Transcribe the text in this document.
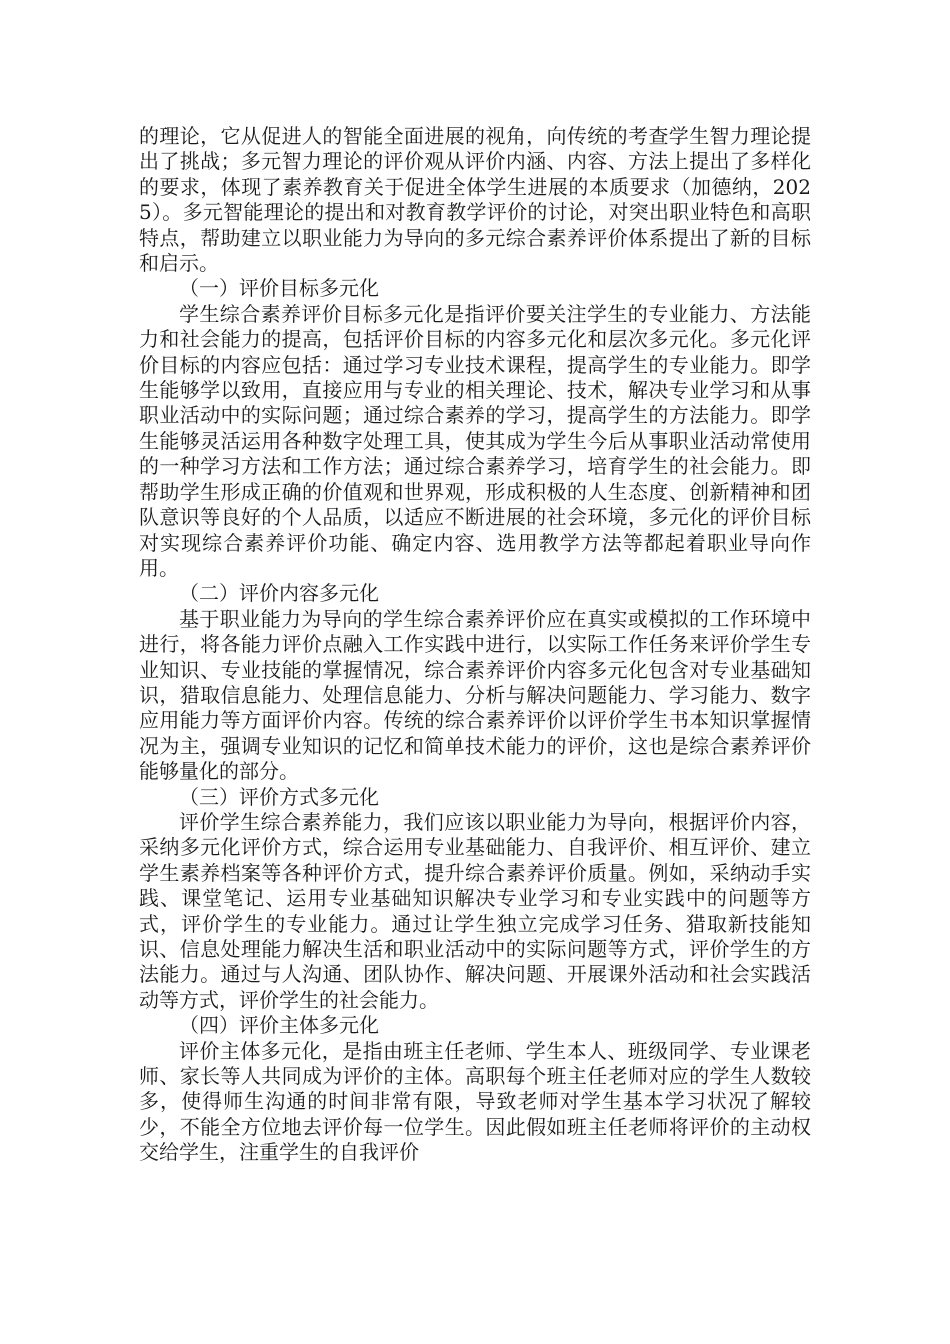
的理论，它从促进人的智能全面进展的视角，向传统的考查学生智力理论提出了挑战；多元智力理论的评价观从评价内涵、内容、方法上提出了多样化的要求，体现了素养教育关于促进全体学生进展的本质要求（加德纳，2025）。多元智能理论的提出和对教育教学评价的讨论，对突出职业特色和高职特点，帮助建立以职业能力为导向的多元综合素养评价体系提出了新的目标和启示。

（一）评价目标多元化

学生综合素养评价目标多元化是指评价要关注学生的专业能力、方法能力和社会能力的提高，包括评价目标的内容多元化和层次多元化。多元化评价目标的内容应包括：通过学习专业技术课程，提高学生的专业能力。即学生能够学以致用，直接应用与专业的相关理论、技术，解决专业学习和从事职业活动中的实际问题；通过综合素养的学习，提高学生的方法能力。即学生能够灵活运用各种数字处理工具，使其成为学生今后从事职业活动常使用的一种学习方法和工作方法；通过综合素养学习，培育学生的社会能力。即帮助学生形成正确的价值观和世界观，形成积极的人生态度、创新精神和团队意识等良好的个人品质，以适应不断进展的社会环境，多元化的评价目标对实现综合素养评价功能、确定内容、选用教学方法等都起着职业导向作用。

（二）评价内容多元化

基于职业能力为导向的学生综合素养评价应在真实或模拟的工作环境中进行，将各能力评价点融入工作实践中进行，以实际工作任务来评价学生专业知识、专业技能的掌握情况，综合素养评价内容多元化包含对专业基础知识，猎取信息能力、处理信息能力、分析与解决问题能力、学习能力、数字应用能力等方面评价内容。传统的综合素养评价以评价学生书本知识掌握情况为主，强调专业知识的记忆和简单技术能力的评价，这也是综合素养评价能够量化的部分。

（三）评价方式多元化

评价学生综合素养能力，我们应该以职业能力为导向，根据评价内容，采纳多元化评价方式，综合运用专业基础能力、自我评价、相互评价、建立学生素养档案等各种评价方式，提升综合素养评价质量。例如，采纳动手实践、课堂笔记、运用专业基础知识解决专业学习和专业实践中的问题等方式，评价学生的专业能力。通过让学生独立完成学习任务、猎取新技能知识、信息处理能力解决生活和职业活动中的实际问题等方式，评价学生的方法能力。通过与人沟通、团队协作、解决问题、开展课外活动和社会实践活动等方式，评价学生的社会能力。

（四）评价主体多元化

评价主体多元化，是指由班主任老师、学生本人、班级同学、专业课老师、家长等人共同成为评价的主体。高职每个班主任老师对应的学生人数较多，使得师生沟通的时间非常有限，导致老师对学生基本学习状况了解较少，不能全方位地去评价每一位学生。因此假如班主任老师将评价的主动权交给学生，注重学生的自我评价
